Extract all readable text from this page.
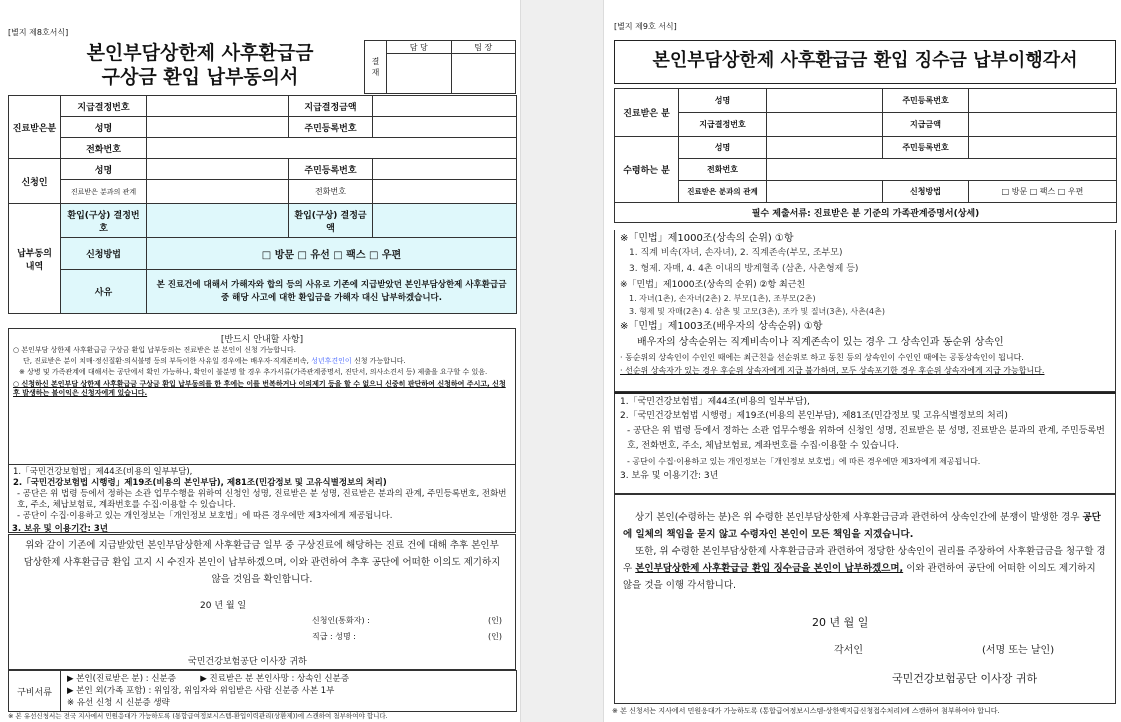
[별지 제8호서식]
본인부담상한제 사후환급금
구상금 환입 납부동의서
결 재	담 당	팀 장

진료받은분	지급결정번호		지급결정금액	
	성명		주민등록번호	
	전화번호			
신청인	성명		주민등록번호	
	진료받은 분과의 관계		전화번호	
납부동의 내역	환입(구상) 결정번호		환입(구상) 결정금액	
	신청방법	□ 방문 □ 유선 □ 팩스 □ 우편		
	사유	본 진료건에 대해서 가해자와 합의 등의 사유로 기존에 지급받았던 본인부담상한제 사후환급금 중 해당 사고에 대한 환입금을 가해자 대신 납부하겠습니다.		
[반드시 안내할 사항]
○ 본인부담 상한제 사후환급금 구상금 환입 납부동의는 진료받은 분 본인이 신청 가능합니다.
단, 진료받은 분이 치매·정신질환·의식불명 등의 부득이한 사유일 경우에는 배우자·직계존비속, 성년후견인이 신청 가능합니다.
※ 상병 및 가족관계에 대해서는 공단에서 확인 가능하나, 확인이 불분명 할 경우 추가서류(가족관계증명서, 진단서, 의사소견서 등) 제출을 요구할 수 있음.
○ 신청하신 본인부담 상한제 사후환급금 구상금 환입 납부동의를 한 후에는 이를 번복하거나 이의제기 등을 할 수 없으니 신중히 판단하여 신청하여 주시고, 신청 후 발생하는 불이익은 신청자에게 있습니다.
1.「국민건강보험법」제44조(비용의 일부부담),
2.「국민건강보험법 시행령」제19조(비용의 본인부담), 제81조(민감정보 및 고유식별정보의 처리)
- 공단은 위 법령 등에서 정하는 소관 업무수행을 위하여 신청인 성명, 진료받은 분 성명, 진료받은 분과의 관계, 주민등록번호, 전화번호, 주소, 체납보험료, 계좌번호를 수집·이용할 수 있습니다.
- 공단이 수집·이용하고 있는 개인정보는「개인정보 보호법」에 따른 경우에만 제3자에게 제공됩니다.
3. 보유 및 이용기간: 3년
위와 같이 기존에 지급받았던 본인부담상한제 사후환급금 일부 중 구상진료에 해당하는 진료 건에 대해 추후 본인부담상한제 사후환급금 환입 고지 시 수진자 본인이 납부하겠으며, 이와 관련하여 추후 공단에 어떠한 이의도 제기하지 않을 것임을 확인합니다.
20 년 월 일
신청인(통화자) :	(인)
직급 : 성명 :	(인)
국민건강보험공단 이사장 귀하
구비서류	
▶ 본인(진료받은 분) : 신분증	▶ 진료받은 분 본인사망 : 상속인 신분증
▶ 본인 외(가족 포함) : 위임장, 위임자와 위임받은 사람 신분증 사본 1부
※ 유선 신청 시 신분증 생략
※ 본 유선신청서는 전국 지사에서 민원응대가 가능하도록 (통합급여정보시스템-환입이력관리(상환제))에 스캔하여 첨부하여야 합니다.
[별지 제9호 서식]
본인부담상한제 사후환급금 환입 징수금 납부이행각서
진료받은 분	성명		주민등록번호	
	지급결정번호		지급금액	
수령하는 분	성명		주민등록번호	
	전화번호			
	진료받은 분과의 관계		신청방법	□ 방문 □ 팩스 □ 우편
필수 제출서류: 진료받은 분 기준의 가족관계증명서(상세)				
※「민법」제1000조(상속의 순위) ①항
1. 직계 비속(자녀, 손자녀), 2. 직계존속(부모, 조부모)
3. 형제. 자매, 4. 4촌 이내의 방계혈족 (삼촌, 사촌형제 등)
※「민법」제1000조(상속의 순위) ②항 최근친
1. 자녀(1촌), 손자녀(2촌) 2. 부모(1촌), 조부모(2촌)
3. 형제 및 자매(2촌) 4. 삼촌 및 고모(3촌), 조카 및 질녀(3촌), 사촌(4촌)
※「민법」제1003조(배우자의 상속순위) ①항
배우자의 상속순위는 직계비속이나 직계존속이 있는 경우 그 상속인과 동순위 상속인
· 동순위의 상속인이 수인인 때에는 최근친을 선순위로 하고 동친 등의 상속인이 수인인 때에는 공동상속인이 됩니다.
· 선순위 상속자가 있는 경우 후순위 상속자에게 지급 불가하며, 모두 상속포기한 경우 후순위 상속자에게 지급 가능합니다.
1.「국민건강보험법」제44조(비용의 일부부담),
2.「국민건강보험법 시행령」제19조(비용의 본인부담), 제81조(민감정보 및 고유식별정보의 처리)
- 공단은 위 법령 등에서 정하는 소관 업무수행을 위하여 신청인 성명, 진료받은 분 성명, 진료받은 분과의 관계, 주민등록번호, 전화번호, 주소, 체납보험료, 계좌번호를 수집·이용할 수 있습니다.
- 공단이 수집·이용하고 있는 개인정보는「개인정보 보호법」에 따른 경우에만 제3자에게 제공됩니다.
3. 보유 및 이용기간: 3년
상기 본인(수령하는 분)은 위 수령한 본인부담상한제 사후환급금과 관련하여 상속인간에 분쟁이 발생한 경우 공단에 일체의 책임을 묻지 않고 수령자인 본인이 모든 책임을 지겠습니다.
또한, 위 수령한 본인부담상한제 사후환급금과 관련하여 정당한 상속인이 권리를 주장하여 사후환급금을 청구할 경우 본인부담상한제 사후환급금 환입 징수금을 본인이 납부하겠으며, 이와 관련하여 공단에 어떠한 이의도 제기하지 않을 것을 이행 각서합니다.
20 년 월 일
각서인	(서명 또는 날인)
국민건강보험공단 이사장 귀하
※ 본 신청서는 지사에서 민원응대가 가능하도록 (통합급여정보시스템-상한액지급신청접수처리)에 스캔하여 첨부하여야 합니다.
